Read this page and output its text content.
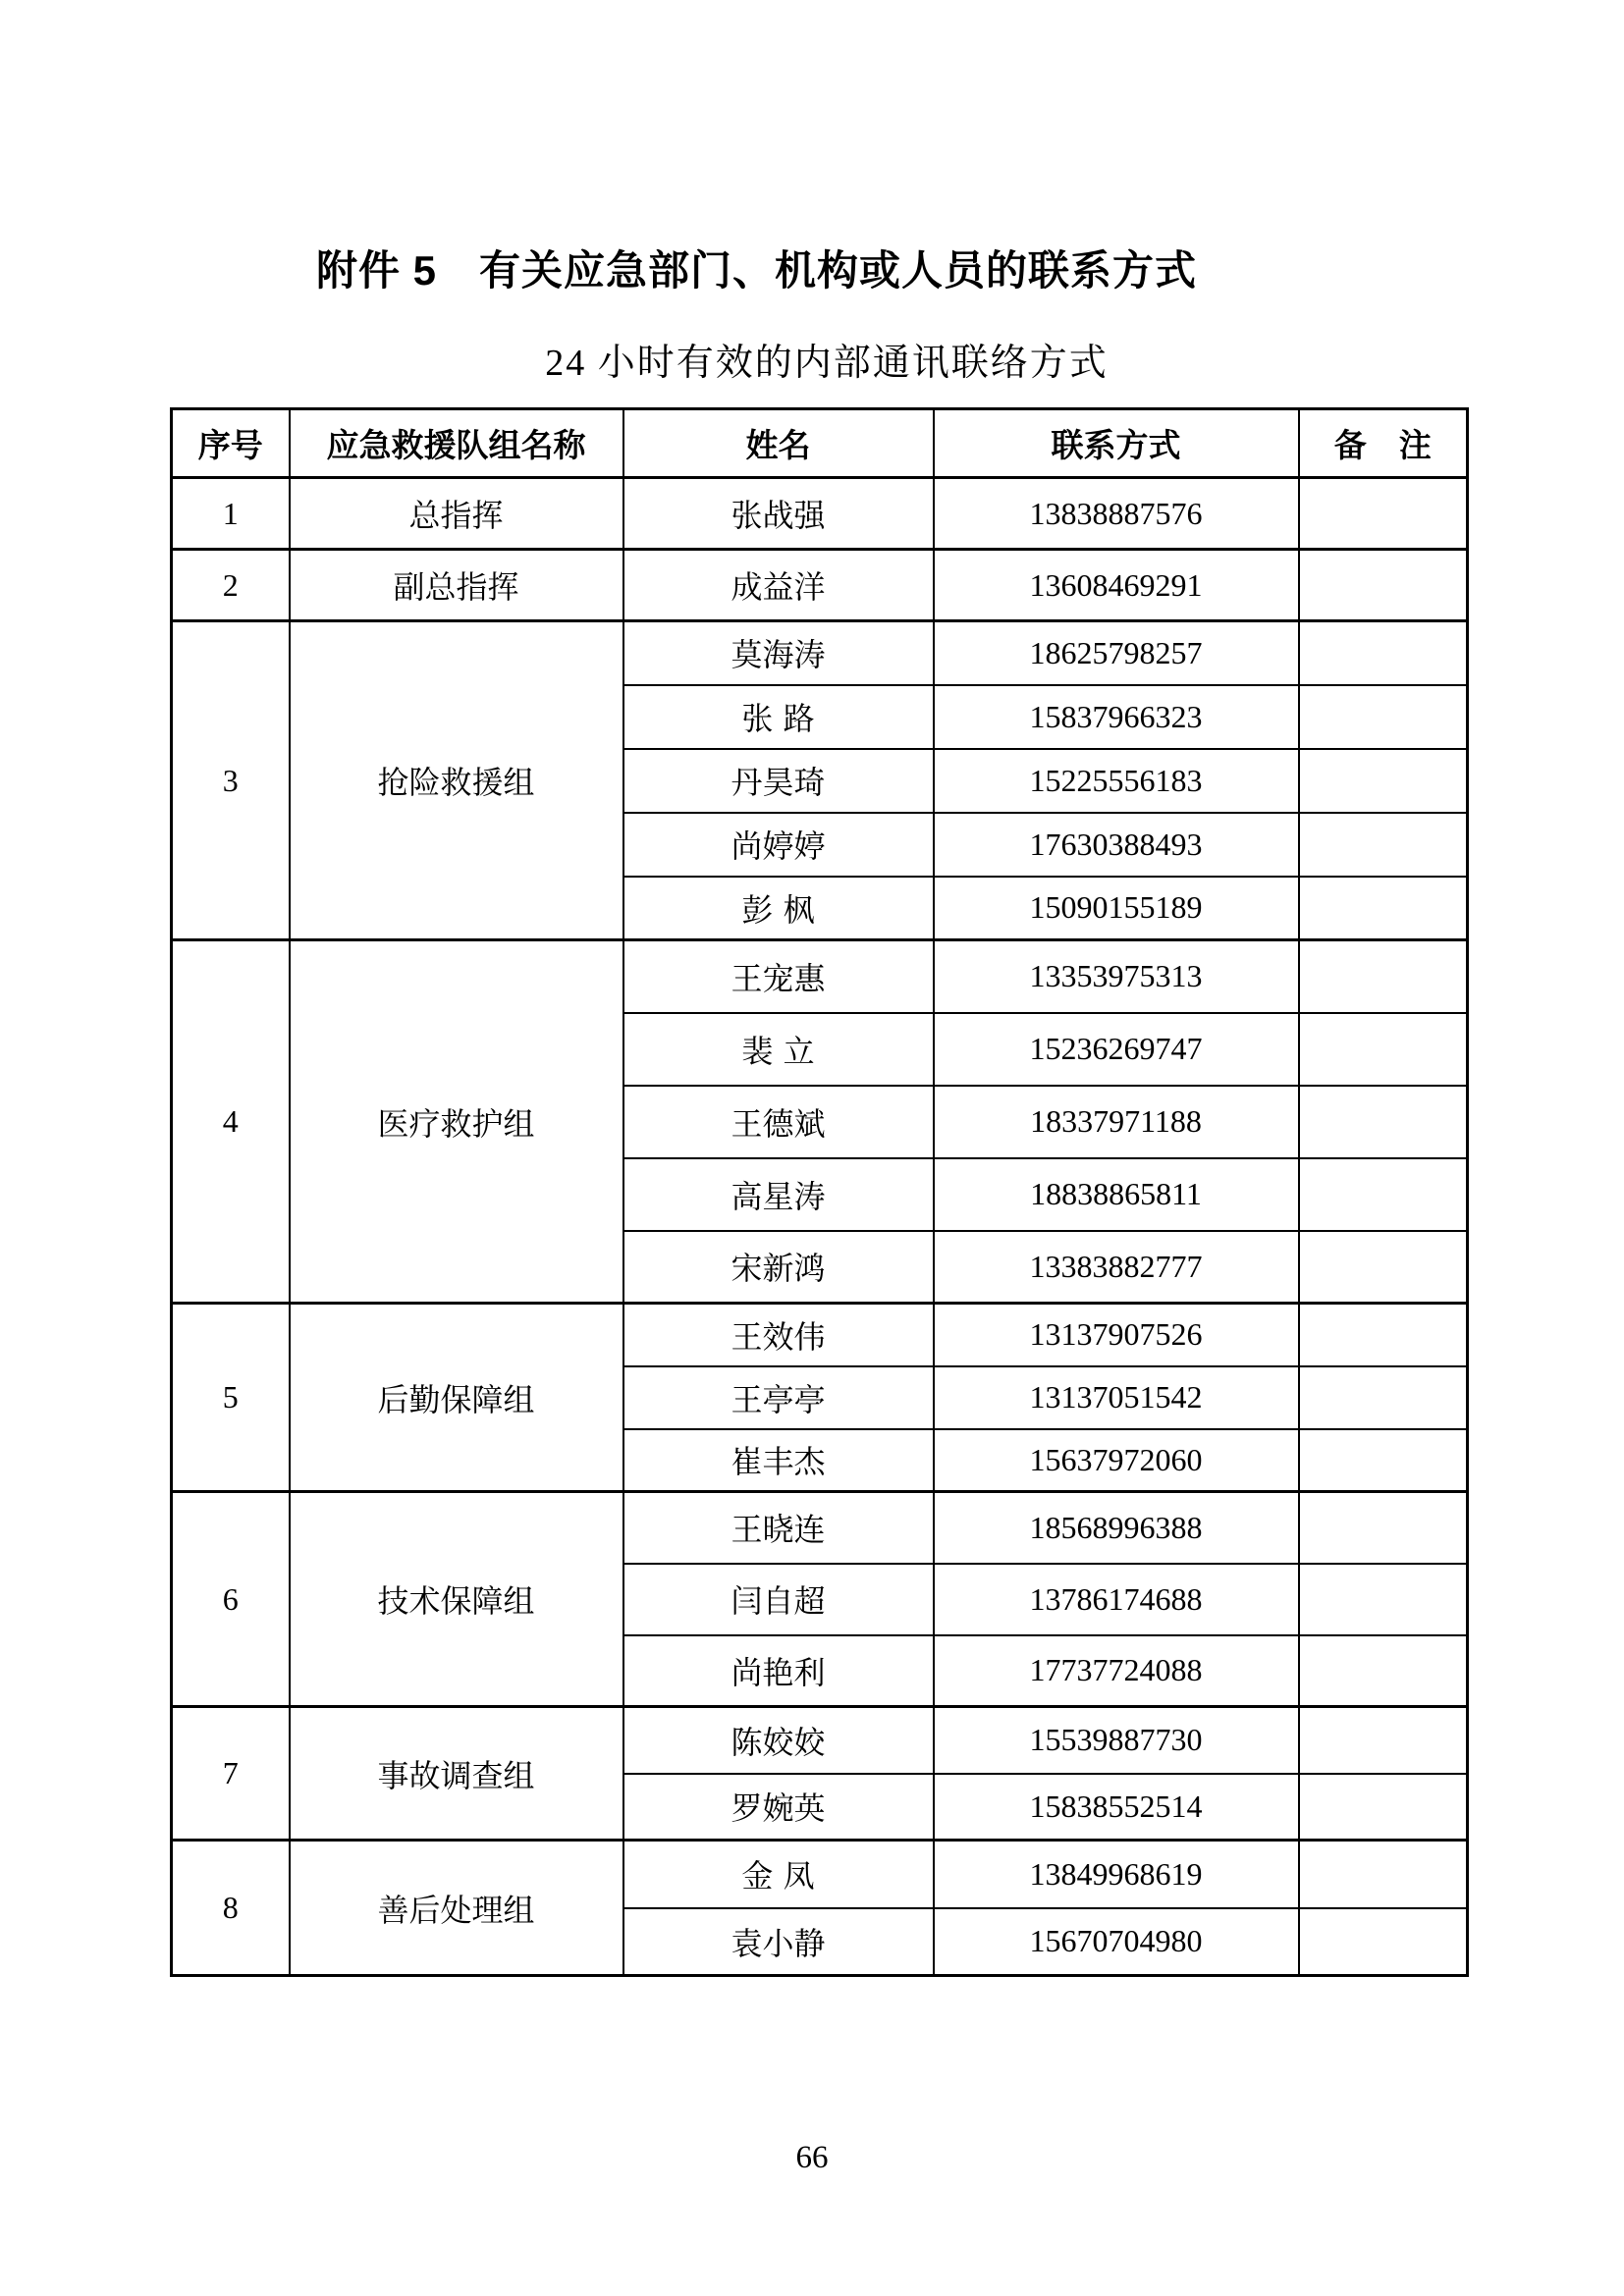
附件 5　有关应急部门、机构或人员的联系方式
24 小时有效的内部通讯联络方式
序号	应急救援队组名称	姓名	联系方式	备　注
1	总指挥	张战强	13838887576	
2	副总指挥	成益洋	13608469291	
3	抢险救援组	莫海涛	18625798257	
		张路	15837966323	
		丹昊琦	15225556183	
		尚婷婷	17630388493	
		彭枫	15090155189	
4	医疗救护组	王宠惠	13353975313	
		裴立	15236269747	
		王德斌	18337971188	
		高星涛	18838865811	
		宋新鸿	13383882777	
5	后勤保障组	王效伟	13137907526	
		王亭亭	13137051542	
		崔丰杰	15637972060	
6	技术保障组	王晓连	18568996388	
		闫自超	13786174688	
		尚艳利	17737724088	
7	事故调查组	陈姣姣	15539887730	
		罗婉英	15838552514	
8	善后处理组	金凤	13849968619	
		袁小静	15670704980	
66
